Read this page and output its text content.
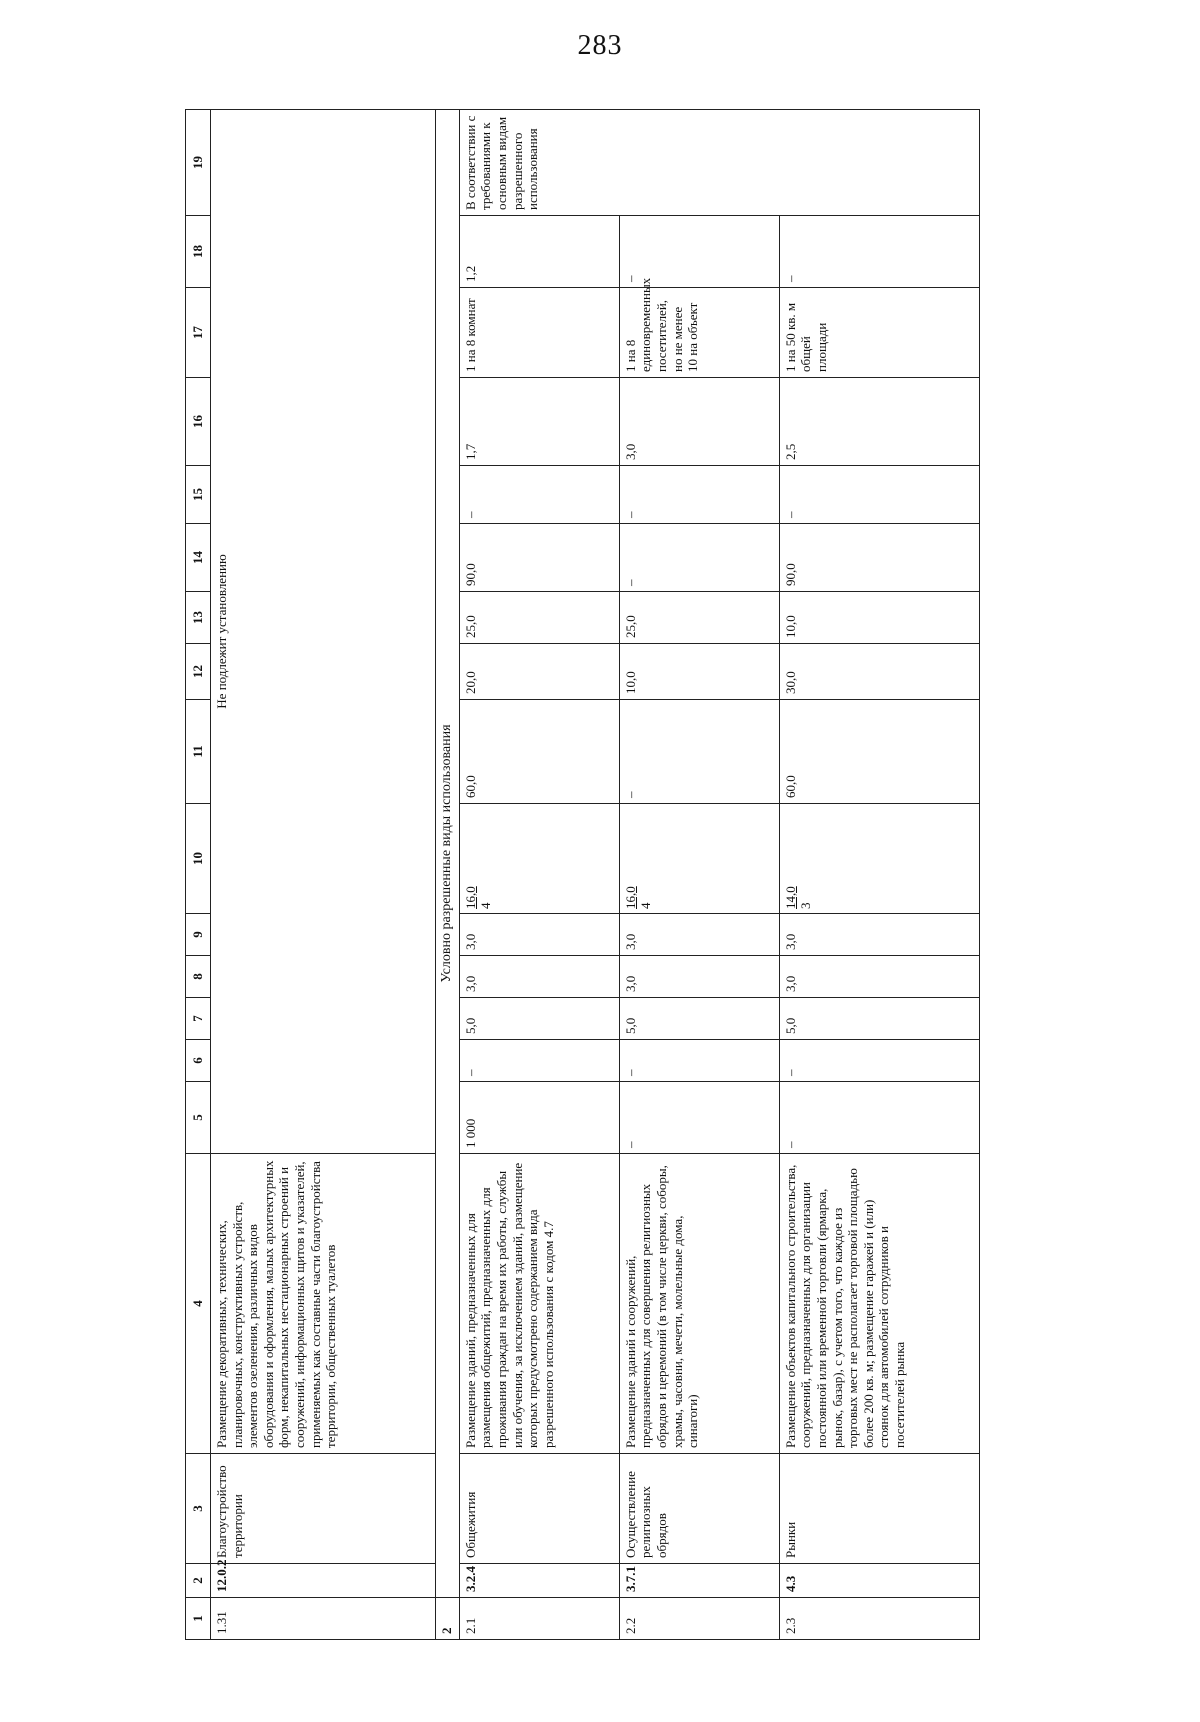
283
1	2	3	4	5	6	7	8	9	10	11	12	13	14	15	16	17	18	19
1.31	12.0.2	Благоустройство территории	Размещение декоративных, технических, планировочных, конструктивных устройств, элементов озеленения, различных видов оборудования и оформления, малых архитектурных форм, некапитальных нестационарных строений и сооружений, информационных щитов и указателей, применяемых как составные части благоустройства территории, общественных туалетов	Не подлежит установлению														
2	Условно разрешенные виды использования																	
2.1	3.2.4	Общежития	Размещение зданий, предназначенных для размещения общежитий, предназначенных для проживания граждан на время их работы, службы или обучения, за исключением зданий, размещение которых предусмотрено содержанием вида разрешенного использования с кодом 4.7	1 000	–	5,0	3,0	3,0	16,0 4	60,0	20,0	25,0	90,0	–	1,7	1 на 8 комнат	1,2	В соответствии с требованиями к основным видам разрешенного использования
2.2	3.7.1	Осуществление религиозных обрядов	Размещение зданий и сооружений, предназначенных для совершения религиозных обрядов и церемоний (в том числе церкви, соборы, храмы, часовни, мечети, молельные дома, синагоги)	–	–	5,0	3,0	3,0	16,0 4	–	10,0	25,0	–	–	3,0	1 на 8 единовременных посетителей, но не менее 10 на объект	–	
2.3	4.3	Рынки	Размещение объектов капитального строительства, сооружений, предназначенных для организации постоянной или временной торговли (ярмарка, рынок, базар), с учетом того, что каждое из торговых мест не располагает торговой площадью более 200 кв. м; размещение гаражей и (или) стоянок для автомобилей сотрудников и посетителей рынка	–	–	5,0	3,0	3,0	14,0 3	60,0	30,0	10,0	90,0	–	2,5	1 на 50 кв. м общей площади	–	
